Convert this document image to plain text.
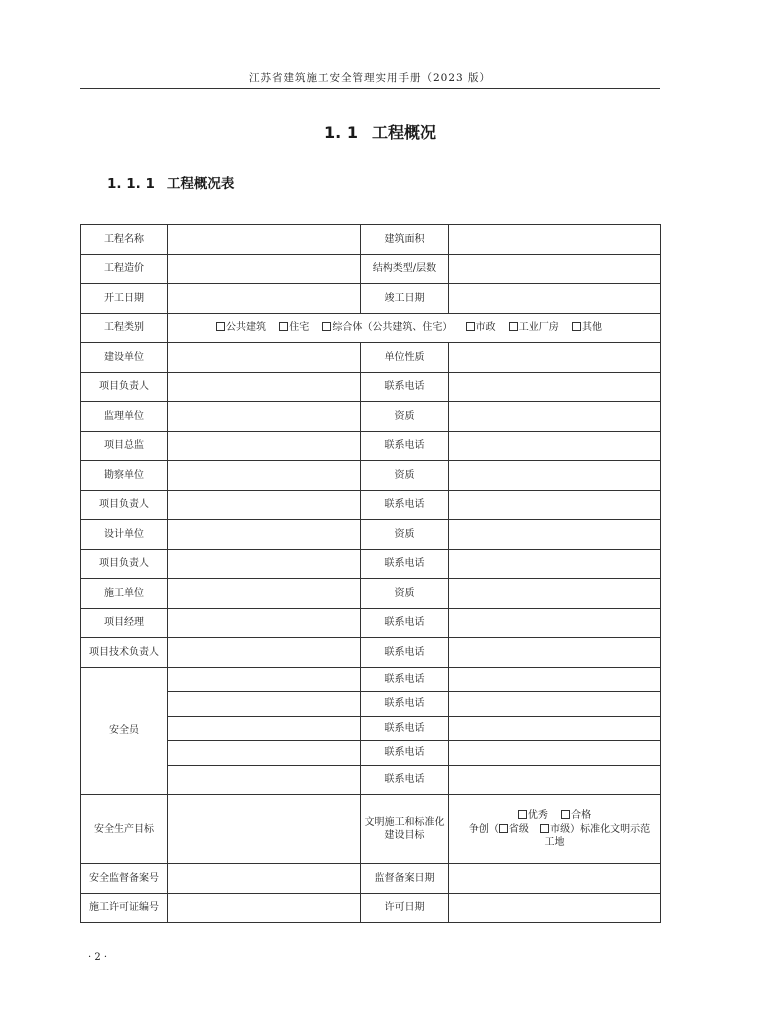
江苏省建筑施工安全管理实用手册（2023 版）
1. 1 工程概况
1. 1. 1 工程概况表
工程名称		建筑面积	
工程造价		结构类型/层数	
开工日期		竣工日期	
工程类别	公共建筑 住宅 综合体（公共建筑、住宅） 市政 工业厂房 其他		
建设单位		单位性质	
项目负责人		联系电话	
监理单位		资质	
项目总监		联系电话	
勘察单位		资质	
项目负责人		联系电话	
设计单位		资质	
项目负责人		联系电话	
施工单位		资质	
项目经理		联系电话	
项目技术负责人		联系电话	
安全员		联系电话	
		联系电话	
		联系电话	
		联系电话	
		联系电话	
安全生产目标		文明施工和标准化建设目标	优秀 合格
争创（ 省级 市级）标准化文明示范
工地

安全监督备案号		监督备案日期	
施工许可证编号		许可日期	
· 2 ·
